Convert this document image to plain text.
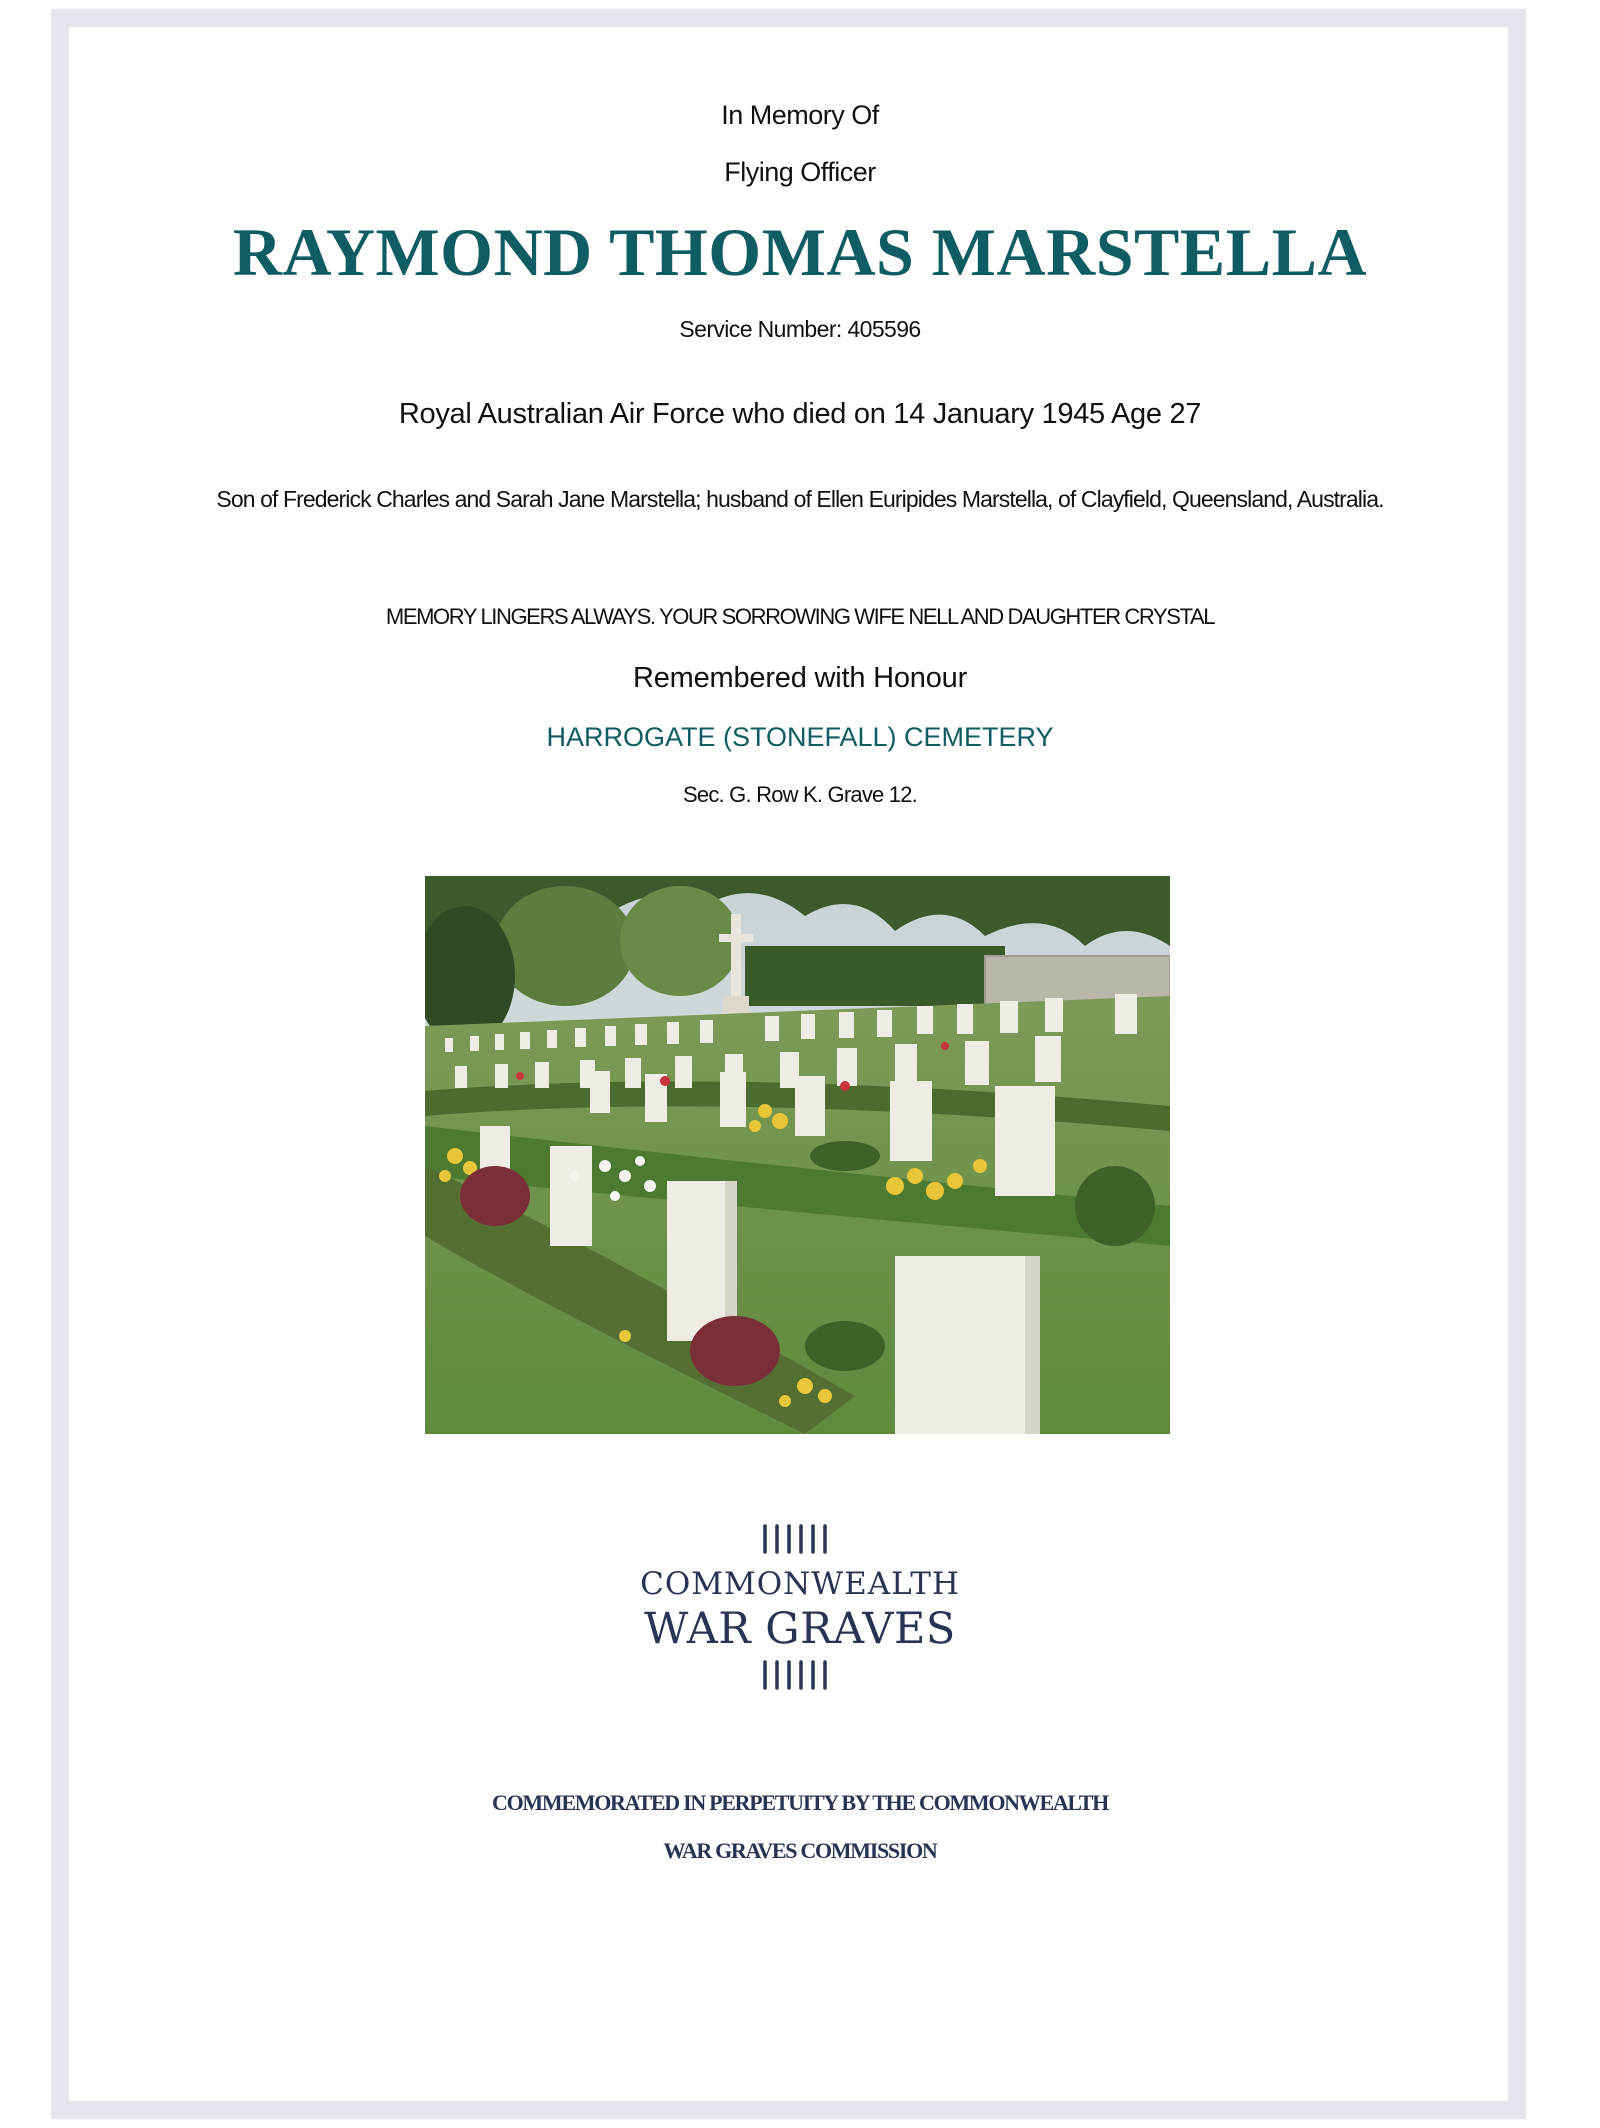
In Memory Of
Flying Officer
RAYMOND THOMAS MARSTELLA
Service Number: 405596
Royal Australian Air Force who died on 14 January 1945 Age 27
Son of Frederick Charles and Sarah Jane Marstella; husband of Ellen Euripides Marstella, of Clayfield, Queensland, Australia.
MEMORY LINGERS ALWAYS. YOUR SORROWING WIFE NELL AND DAUGHTER CRYSTAL
Remembered with Honour
HARROGATE (STONEFALL) CEMETERY
Sec. G. Row K. Grave 12.
COMMONWEALTH
WAR GRAVES
COMMEMORATED IN PERPETUITY BY THE COMMONWEALTH
WAR GRAVES COMMISSION
